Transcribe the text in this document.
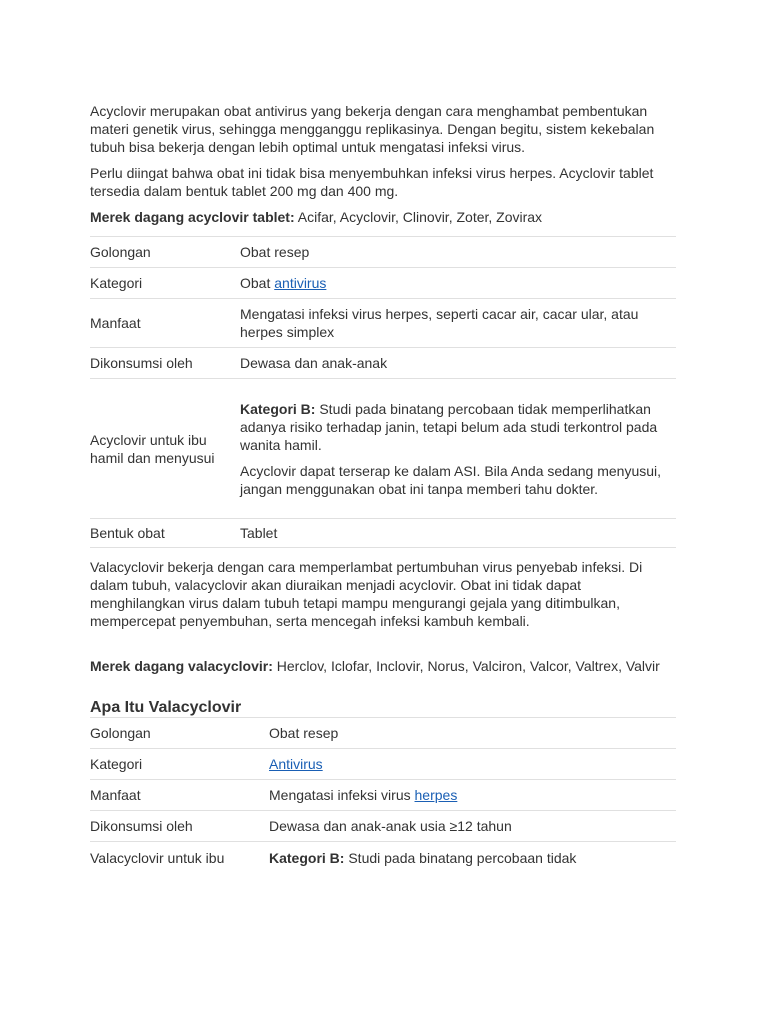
Acyclovir merupakan obat antivirus yang bekerja dengan cara menghambat pembentukan materi genetik virus, sehingga mengganggu replikasinya. Dengan begitu, sistem kekebalan tubuh bisa bekerja dengan lebih optimal untuk mengatasi infeksi virus.

Perlu diingat bahwa obat ini tidak bisa menyembuhkan infeksi virus herpes. Acyclovir tablet tersedia dalam bentuk tablet 200 mg dan 400 mg.

Merek dagang acyclovir tablet: Acifar, Acyclovir, Clinovir, Zoter, Zovirax

Golongan	Obat resep
Kategori	Obat antivirus
Manfaat	Mengatasi infeksi virus herpes, seperti cacar air, cacar ular, atau herpes simplex
Dikonsumsi oleh	Dewasa dan anak-anak
Acyclovir untuk ibu hamil dan menyusui	Kategori B: Studi pada binatang percobaan tidak memperlihatkan adanya risiko terhadap janin, tetapi belum ada studi terkontrol pada wanita hamil.

Acyclovir dapat terserap ke dalam ASI. Bila Anda sedang menyusui, jangan menggunakan obat ini tanpa memberi tahu dokter.

Bentuk obat	Tablet

Valacyclovir bekerja dengan cara memperlambat pertumbuhan virus penyebab infeksi. Di dalam tubuh, valacyclovir akan diuraikan menjadi acyclovir. Obat ini tidak dapat menghilangkan virus dalam tubuh tetapi mampu mengurangi gejala yang ditimbulkan, mempercepat penyembuhan, serta mencegah infeksi kambuh kembali.

Merek dagang valacyclovir: Herclov, Iclofar, Inclovir, Norus, Valciron, Valcor, Valtrex, Valvir

Apa Itu Valacyclovir
Golongan	Obat resep
Kategori	Antivirus
Manfaat	Mengatasi infeksi virus herpes
Dikonsumsi oleh	Dewasa dan anak-anak usia ≥12 tahun
Valacyclovir untuk ibu	Kategori B: Studi pada binatang percobaan tidak
